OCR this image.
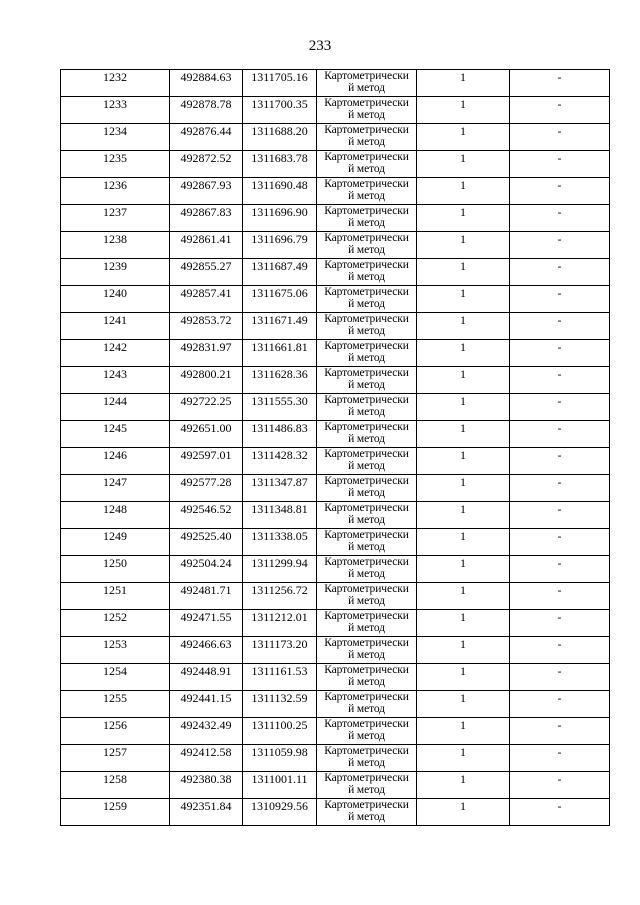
233
1232	492884.63	1311705.16	Картометрически
й метод	1	-
1233	492878.78	1311700.35	Картометрически
й метод	1	-
1234	492876.44	1311688.20	Картометрически
й метод	1	-
1235	492872.52	1311683.78	Картометрически
й метод	1	-
1236	492867.93	1311690.48	Картометрически
й метод	1	-
1237	492867.83	1311696.90	Картометрически
й метод	1	-
1238	492861.41	1311696.79	Картометрически
й метод	1	-
1239	492855.27	1311687.49	Картометрически
й метод	1	-
1240	492857.41	1311675.06	Картометрически
й метод	1	-
1241	492853.72	1311671.49	Картометрически
й метод	1	-
1242	492831.97	1311661.81	Картометрически
й метод	1	-
1243	492800.21	1311628.36	Картометрически
й метод	1	-
1244	492722.25	1311555.30	Картометрически
й метод	1	-
1245	492651.00	1311486.83	Картометрически
й метод	1	-
1246	492597.01	1311428.32	Картометрически
й метод	1	-
1247	492577.28	1311347.87	Картометрически
й метод	1	-
1248	492546.52	1311348.81	Картометрически
й метод	1	-
1249	492525.40	1311338.05	Картометрически
й метод	1	-
1250	492504.24	1311299.94	Картометрически
й метод	1	-
1251	492481.71	1311256.72	Картометрически
й метод	1	-
1252	492471.55	1311212.01	Картометрически
й метод	1	-
1253	492466.63	1311173.20	Картометрически
й метод	1	-
1254	492448.91	1311161.53	Картометрически
й метод	1	-
1255	492441.15	1311132.59	Картометрически
й метод	1	-
1256	492432.49	1311100.25	Картометрически
й метод	1	-
1257	492412.58	1311059.98	Картометрически
й метод	1	-
1258	492380.38	1311001.11	Картометрически
й метод	1	-
1259	492351.84	1310929.56	Картометрически
й метод	1	-
